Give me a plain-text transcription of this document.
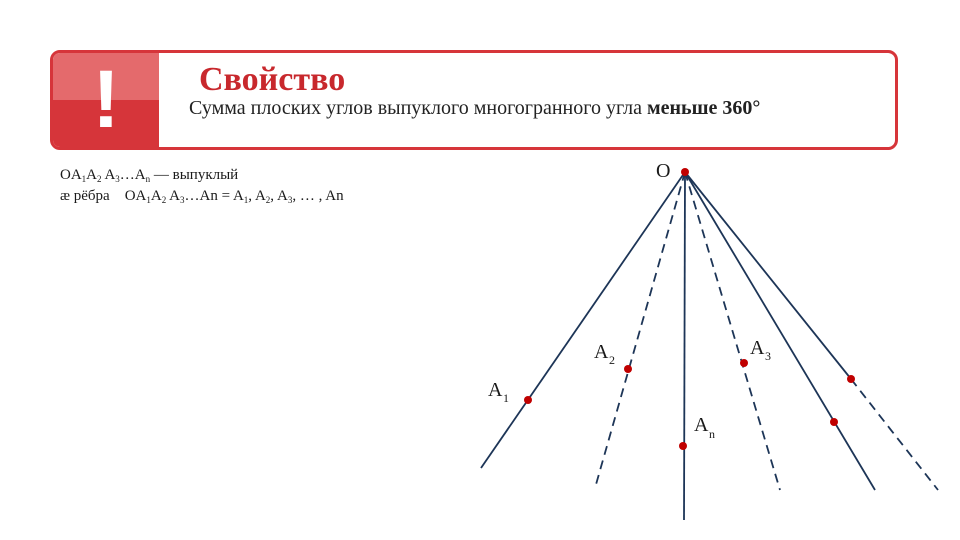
!	Свойство
Сумма плоских углов выпуклого многогранного угла меньше 360°
$OA_1A_2$ $A_3\dots A_n$ — выпуклый
æ рёбра $OA_1A_2$ $A_3\dots An = A_1$, $A_2$, $A_3$, … , An
O
A 1
A 2
A 3
A n
